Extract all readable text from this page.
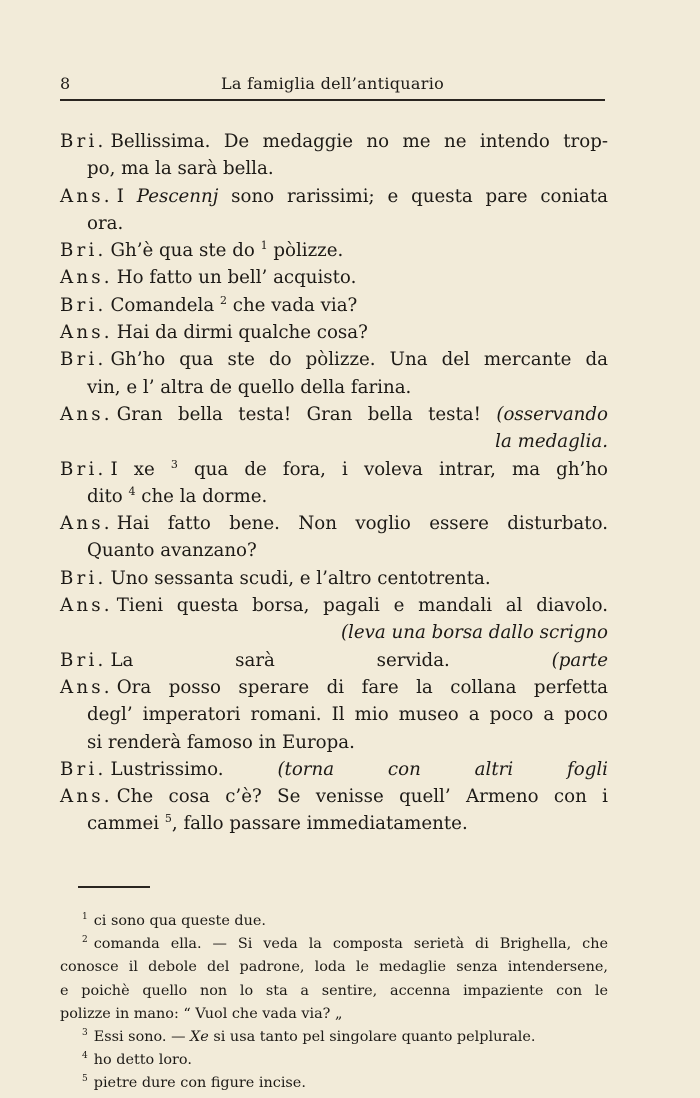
8	La famiglia dell’antiquario
Bri. Bellissima. De medaggie no me ne intendo trop-
po, ma la sarà bella.
Ans. I Pescennj sono rarissimi; e questa pare coniata
ora.
Bri. Gh’è qua ste do $^1$ pòlizze.
Ans. Ho fatto un bell’ acquisto.
Bri. Comandela $^2$ che vada via?
Ans. Hai da dirmi qualche cosa?
Bri. Gh’ho qua ste do pòlizze. Una del mercante da
vin, e l’ altra de quello della farina.
Ans. Gran bella testa! Gran bella testa! (osservando
la medaglia.
Bri. I xe $^3$ qua de fora, i voleva intrar, ma gh’ho
dito $^4$ che la dorme.
Ans. Hai fatto bene. Non voglio essere disturbato.
Quanto avanzano?
Bri. Uno sessanta scudi, e l’altro centotrenta.
Ans. Tieni questa borsa, pagali e mandali al diavolo.
(leva una borsa dallo scrigno
Bri. La sarà servida.	(parte
Ans. Ora posso sperare di fare la collana perfetta
degl’ imperatori romani. Il mio museo a poco a poco
si renderà famoso in Europa.
Bri. Lustrissimo.	(torna con altri fogli
Ans. Che cosa c’è? Se venisse quell’ Armeno con i
cammei $^5$, fallo passare immediatamente.
$^1$ ci sono qua queste due.
$^2$ comanda ella. — Si veda la composta serietà di Brighella, che
conosce il debole del padrone, loda le medaglie senza intendersene,
e poichè quello non lo sta a sentire, accenna impaziente con le
polizze in mano: “ Vuol che vada via? „
$^3$ Essi sono. — Xe si usa tanto pel singolare quanto pelplurale.
$^4$ ho detto loro.
$^5$ pietre dure con figure incise.
